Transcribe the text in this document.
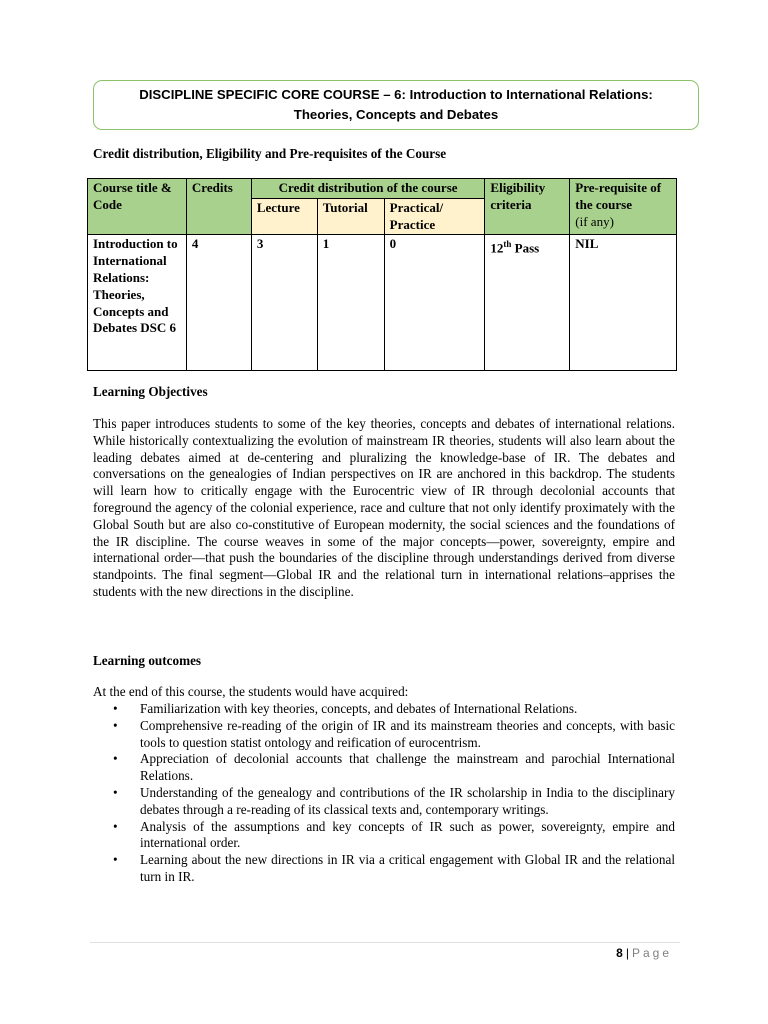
DISCIPLINE SPECIFIC CORE COURSE – 6: Introduction to International Relations:
Theories, Concepts and Debates
Credit distribution, Eligibility and Pre-requisites of the Course
Course title & Code	Credits	Credit distribution of the course			Eligibility criteria	Pre-requisite of the course
(if any)
		Lecture	Tutorial	Practical/ Practice		
Introduction to International Relations: Theories, Concepts and Debates DSC 6	4	3	1	0	12th Pass	NIL
Learning Objectives

This paper introduces students to some of the key theories, concepts and debates of international relations. While historically contextualizing the evolution of mainstream IR theories, students will also learn about the leading debates aimed at de-centering and pluralizing the knowledge-base of IR. The debates and conversations on the genealogies of Indian perspectives on IR are anchored in this backdrop. The students will learn how to critically engage with the Eurocentric view of IR through decolonial accounts that foreground the agency of the colonial experience, race and culture that not only identify proximately with the Global South but are also co-constitutive of European modernity, the social sciences and the foundations of the IR discipline. The course weaves in some of the major concepts—power, sovereignty, empire and international order—that push the boundaries of the discipline through understandings derived from diverse standpoints. The final segment—Global IR and the relational turn in international relations–apprises the students with the new directions in the discipline.

Learning outcomes
At the end of this course, the students would have acquired:
• Familiarization with key theories, concepts, and debates of International Relations.
• Comprehensive re-reading of the origin of IR and its mainstream theories and concepts, with basic tools to question statist ontology and reification of eurocentrism.
• Appreciation of decolonial accounts that challenge the mainstream and parochial International Relations.
• Understanding of the genealogy and contributions of the IR scholarship in India to the disciplinary debates through a re-reading of its classical texts and, contemporary writings.
• Analysis of the assumptions and key concepts of IR such as power, sovereignty, empire and international order.
• Learning about the new directions in IR via a critical engagement with Global IR and the relational turn in IR.
8 | Page
